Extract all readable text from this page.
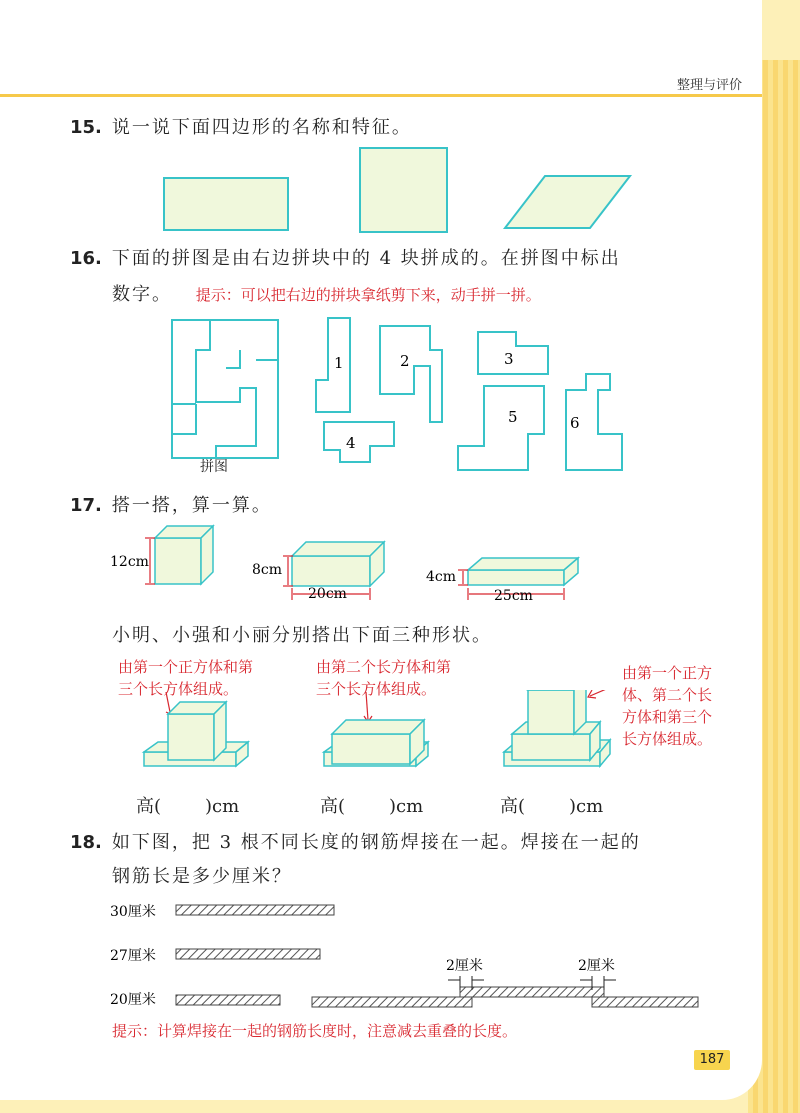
整理与评价
15. 说一说下面四边形的名称和特征。
16. 下面的拼图是由右边拼块中的 4 块拼成的。在拼图中标出
数字。 提示：可以把右边的拼块拿纸剪下来，动手拼一拼。
拼图
1	2	3
4
5	6
17. 搭一搭，算一算。
12cm	8cm
20cm
4cm
25cm
小明、小强和小丽分别搭出下面三种形状。
由第一个正方体和第
三个长方体组成。
由第二个长方体和第
三个长方体组成。
由第一个正方
体、第二个长
方体和第三个
长方体组成。
高( )cm	高( )cm	高( )cm
18. 如下图，把 3 根不同长度的钢筋焊接在一起。焊接在一起的
钢筋长是多少厘米？
30厘米
27厘米
20厘米
2厘米	2厘米
提示：计算焊接在一起的钢筋长度时，注意减去重叠的长度。
187
